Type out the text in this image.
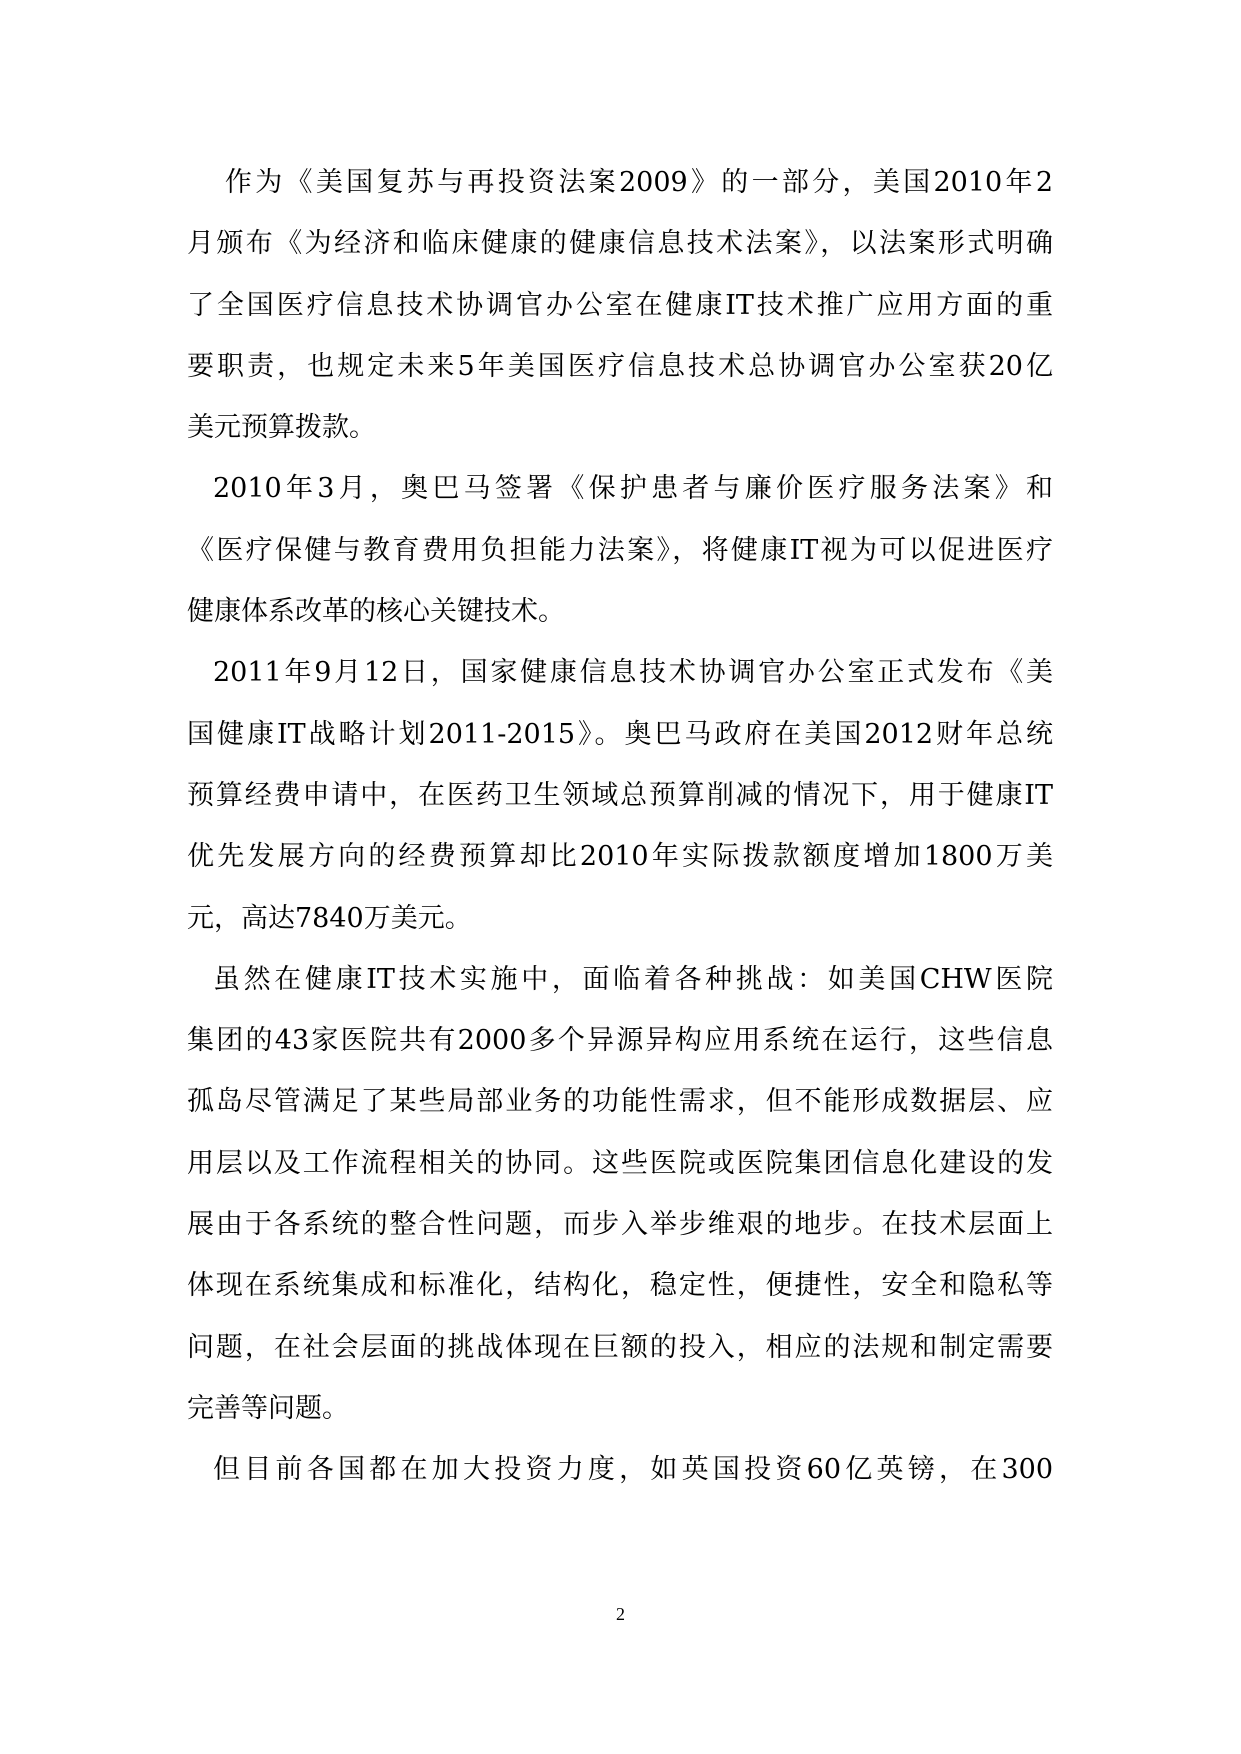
作为《美国复苏与再投资法案2009》的一部分，美国2010年2
月颁布《为经济和临床健康的健康信息技术法案》，以法案形式明确
了全国医疗信息技术协调官办公室在健康IT技术推广应用方面的重
要职责，也规定未来5年美国医疗信息技术总协调官办公室获20亿
美元预算拨款。
2010年3月，奥巴马签署《保护患者与廉价医疗服务法案》和
《医疗保健与教育费用负担能力法案》，将健康IT视为可以促进医疗
健康体系改革的核心关键技术。
2011年9月12日，国家健康信息技术协调官办公室正式发布《美
国健康IT战略计划2011-2015》。奥巴马政府在美国2012财年总统
预算经费申请中，在医药卫生领域总预算削减的情况下，用于健康IT
优先发展方向的经费预算却比2010年实际拨款额度增加1800万美
元，高达7840万美元。
虽然在健康IT技术实施中，面临着各种挑战：如美国CHW医院
集团的43家医院共有2000多个异源异构应用系统在运行，这些信息
孤岛尽管满足了某些局部业务的功能性需求，但不能形成数据层、应
用层以及工作流程相关的协同。这些医院或医院集团信息化建设的发
展由于各系统的整合性问题，而步入举步维艰的地步。在技术层面上
体现在系统集成和标准化，结构化，稳定性，便捷性，安全和隐私等
问题，在社会层面的挑战体现在巨额的投入，相应的法规和制定需要
完善等问题。
但目前各国都在加大投资力度，如英国投资60亿英镑，在300
2
